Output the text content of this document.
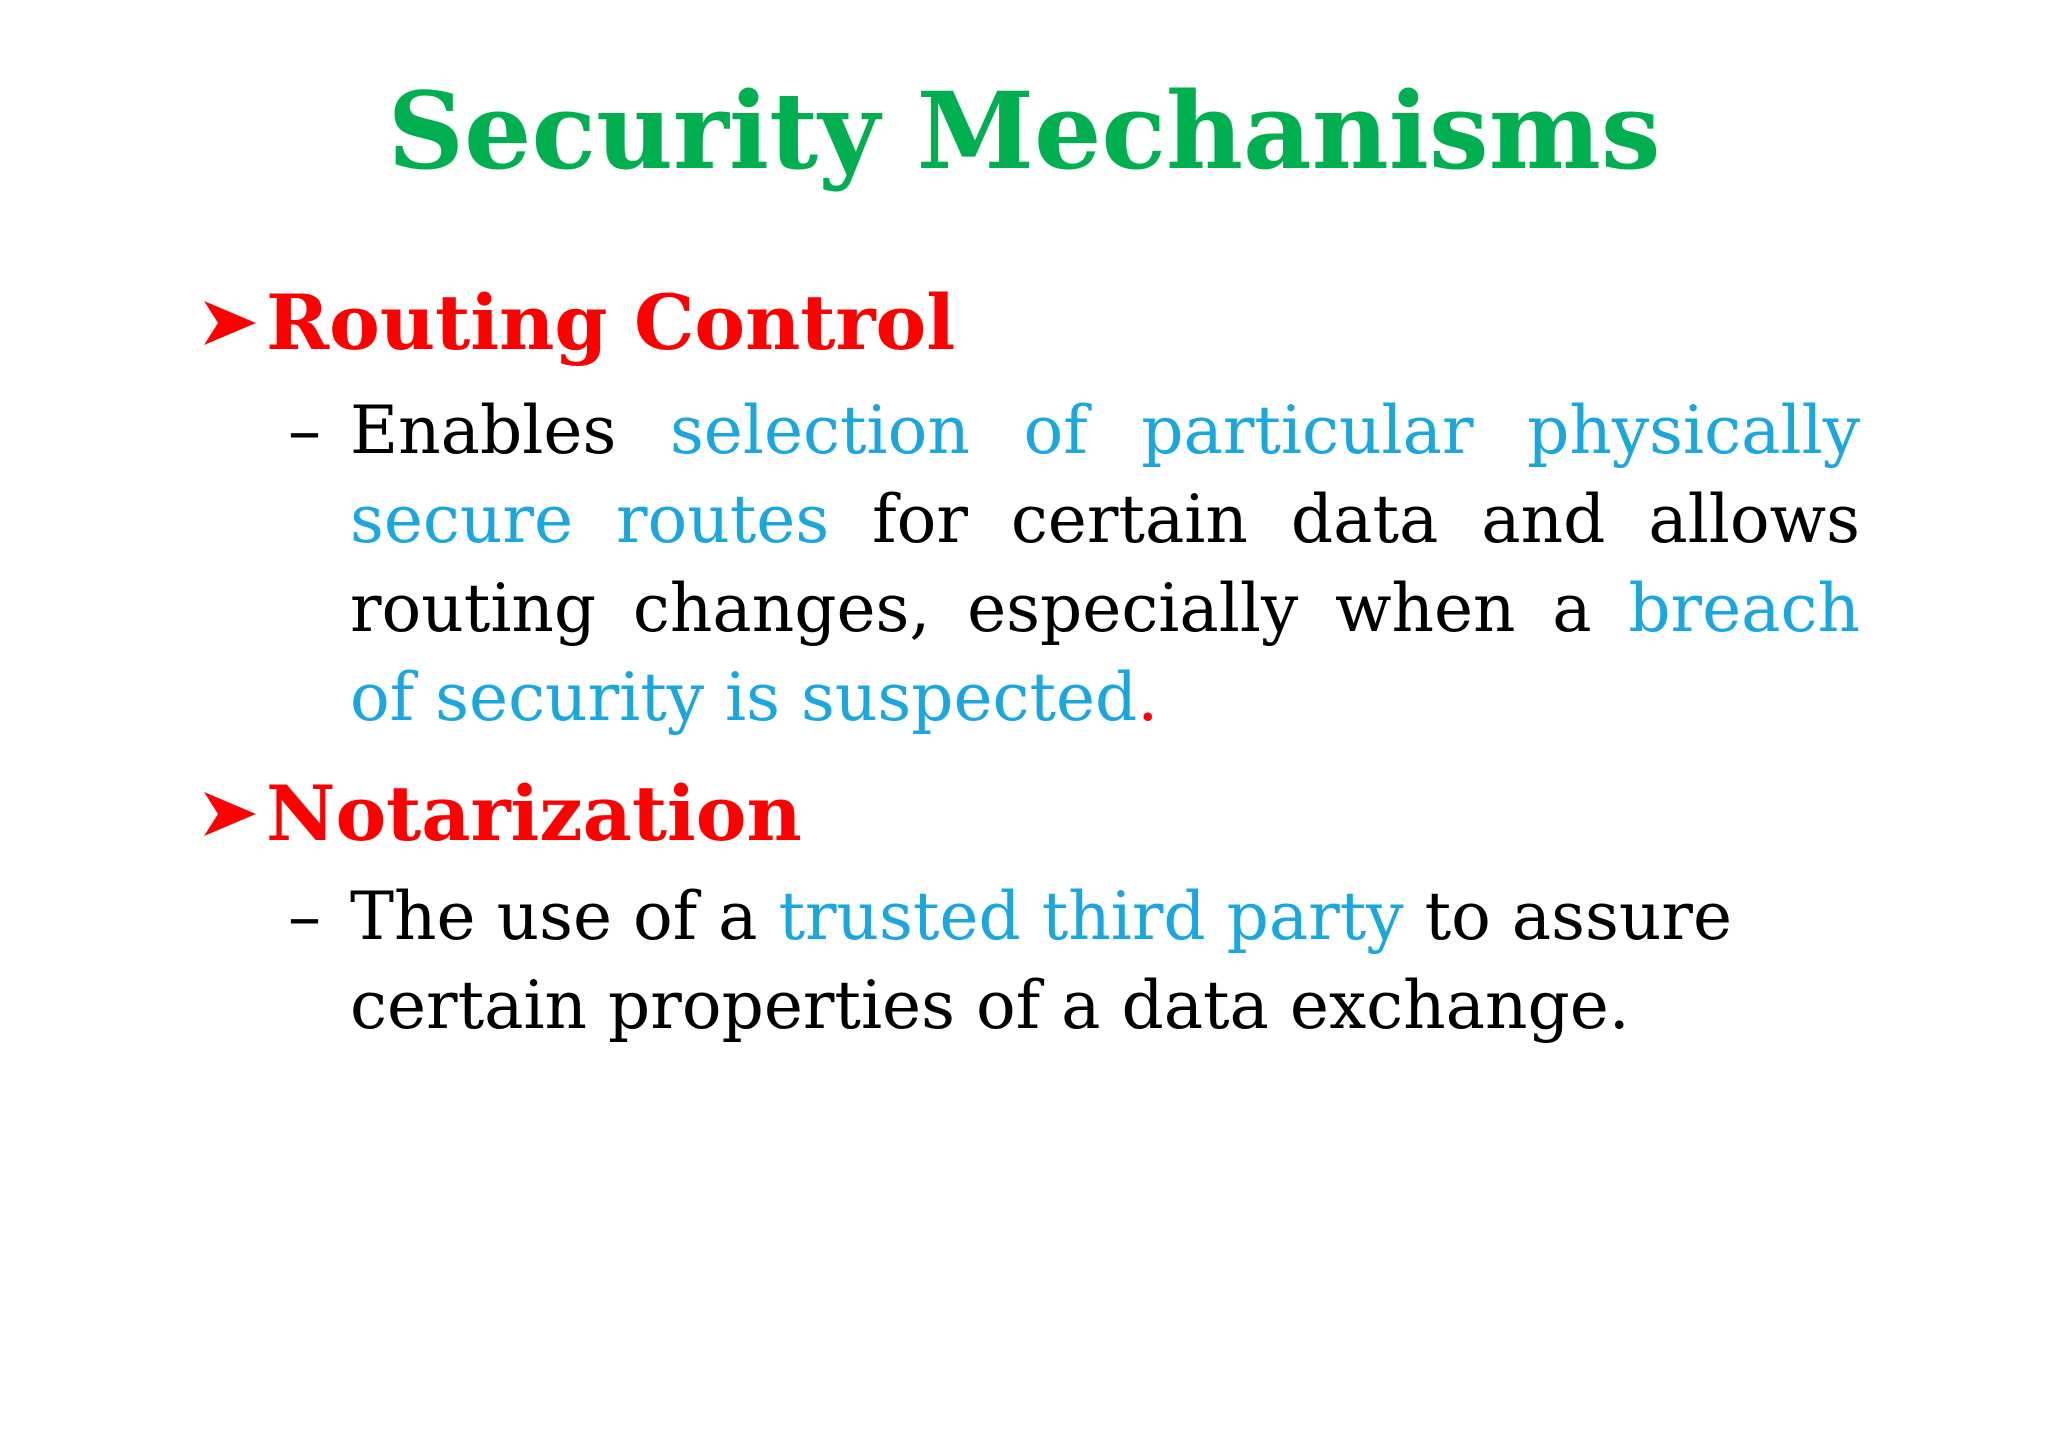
Security Mechanisms
Routing Control
– Enables selection of particular physically secure routes for certain data and allows routing changes, especially when a breach of security is suspected.
Notarization
– The use of a trusted third party to assure certain properties of a data exchange.
